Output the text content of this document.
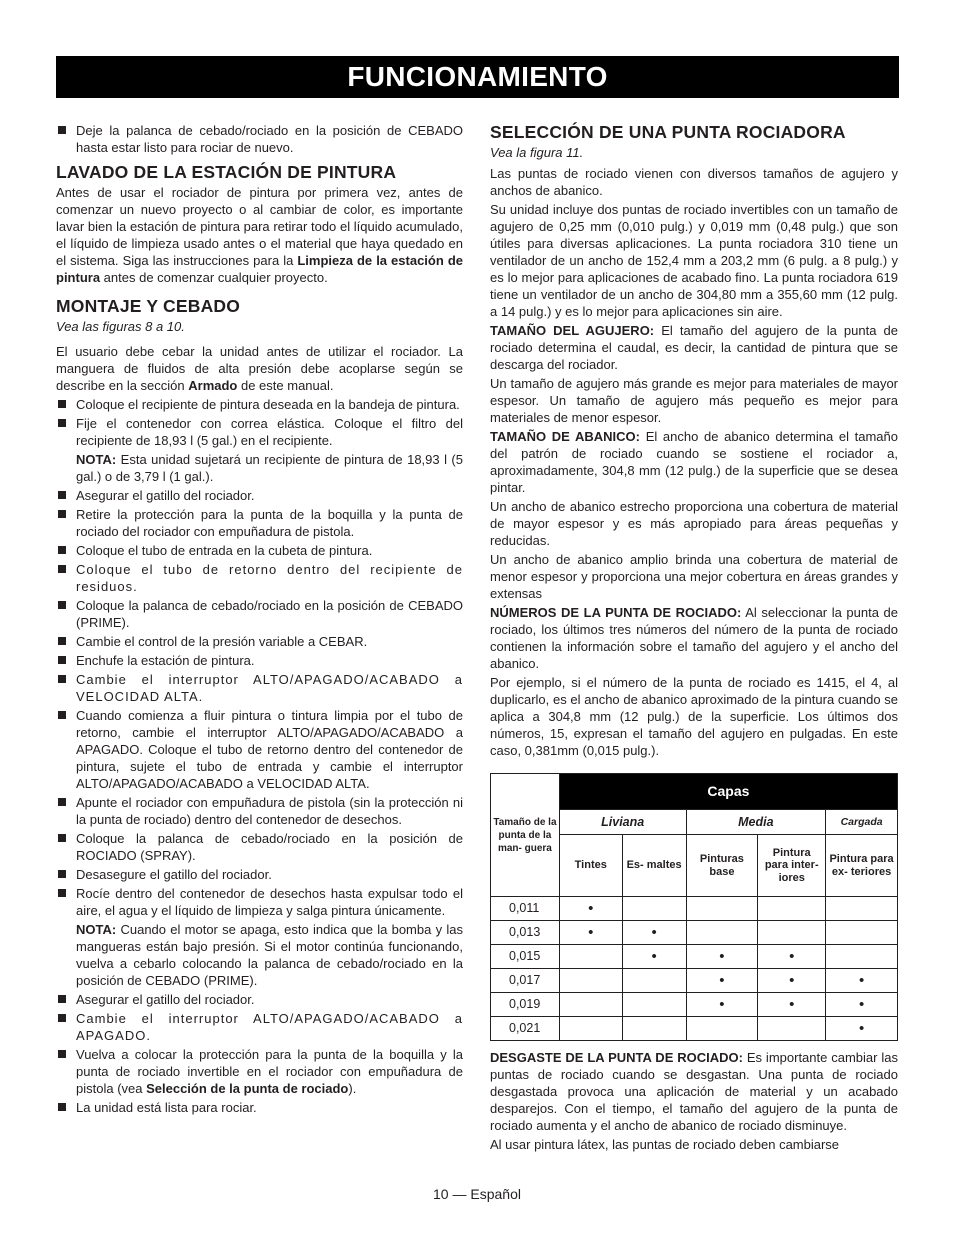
FUNCIONAMIENTO
Deje la palanca de cebado/rociado en la posición de CEBADO hasta estar listo para rociar de nuevo.
LAVADO DE LA ESTACIÓN DE PINTURA

Antes de usar el rociador de pintura por primera vez, antes de comenzar un nuevo proyecto o al cambiar de color, es importante lavar bien la estación de pintura para retirar todo el líquido acumulado, el líquido de limpieza usado antes o el material que haya quedado en el sistema. Siga las instrucciones para la Limpieza de la estación de pintura antes de comenzar cualquier proyecto.

MONTAJE Y CEBADO
Vea las figuras 8 a 10.

El usuario debe cebar la unidad antes de utilizar el rociador. La manguera de fluidos de alta presión debe acoplarse según se describe en la sección Armado de este manual.

Coloque el recipiente de pintura deseada en la bandeja de pintura.
Fije el contenedor con correa elástica. Coloque el filtro del recipiente de 18,93 l (5 gal.) en el recipiente.
NOTA: Esta unidad sujetará un recipiente de pintura de 18,93 l (5 gal.) o de 3,79 l (1 gal.).
Asegurar el gatillo del rociador.
Retire la protección para la punta de la boquilla y la punta de rociado del rociador con empuñadura de pistola.
Coloque el tubo de entrada en la cubeta de pintura.
Coloque el tubo de retorno dentro del recipiente de residuos.
Coloque la palanca de cebado/rociado en la posición de CEBADO (PRIME).
Cambie el control de la presión variable a CEBAR.
Enchufe la estación de pintura.
Cambie el interruptor ALTO/APAGADO/ACABADO a VELOCIDAD ALTA.
Cuando comienza a fluir pintura o tintura limpia por el tubo de retorno, cambie el interruptor ALTO/APAGADO/ACABADO a APAGADO. Coloque el tubo de retorno dentro del contenedor de pintura, sujete el tubo de entrada y cambie el interruptor ALTO/APAGADO/ACABADO a VELOCIDAD ALTA.
Apunte el rociador con empuñadura de pistola (sin la protección ni la punta de rociado) dentro del contenedor de desechos.
Coloque la palanca de cebado/rociado en la posición de ROCIADO (SPRAY).
Desasegure el gatillo del rociador.
Rocíe dentro del contenedor de desechos hasta expulsar todo el aire, el agua y el líquido de limpieza y salga pintura únicamente.
NOTA: Cuando el motor se apaga, esto indica que la bomba y las mangueras están bajo presión. Si el motor continúa funcionando, vuelva a cebarlo colocando la palanca de cebado/rociado en la posición de CEBADO (PRIME).
Asegurar el gatillo del rociador.
Cambie el interruptor ALTO/APAGADO/ACABADO a APAGADO.
Vuelva a colocar la protección para la punta de la boquilla y la punta de rociado invertible en el rociador con empuñadura de pistola (vea Selección de la punta de rociado).
La unidad está lista para rociar.
SELECCIÓN DE UNA PUNTA ROCIADORA
Vea la figura 11.

Las puntas de rociado vienen con diversos tamaños de agujero y anchos de abanico.

Su unidad incluye dos puntas de rociado invertibles con un tamaño de agujero de 0,25 mm (0,010 pulg.) y 0,019 mm (0,48 pulg.) que son útiles para diversas aplicaciones. La punta rociadora 310 tiene un ventilador de un ancho de 152,4 mm a 203,2 mm (6 pulg. a 8 pulg.) y es lo mejor para aplicaciones de acabado fino. La punta rociadora 619 tiene un ventilador de un ancho de 304,80 mm a 355,60 mm (12 pulg. a 14 pulg.) y es lo mejor para aplicaciones sin aire.

TAMAÑO DEL AGUJERO: El tamaño del agujero de la punta de rociado determina el caudal, es decir, la cantidad de pintura que se descarga del rociador.

Un tamaño de agujero más grande es mejor para materiales de mayor espesor. Un tamaño de agujero más pequeño es mejor para materiales de menor espesor.

TAMAÑO DE ABANICO: El ancho de abanico determina el tamaño del patrón de rociado cuando se sostiene el rociador a, aproximadamente, 304,8 mm (12 pulg.) de la superficie que se desea pintar.

Un ancho de abanico estrecho proporciona una cobertura de material de mayor espesor y es más apropiado para áreas pequeñas y reducidas.

Un ancho de abanico amplio brinda una cobertura de material de menor espesor y proporciona una mejor cobertura en áreas grandes y extensas

NÚMEROS DE LA PUNTA DE ROCIADO: Al seleccionar la punta de rociado, los últimos tres números del número de la punta de rociado contienen la información sobre el tamaño del agujero y el ancho del abanico.

Por ejemplo, si el número de la punta de rociado es 1415, el 4, al duplicarlo, es el ancho de abanico aproximado de la pintura cuando se aplica a 304,8 mm (12 pulg.) de la superficie. Los últimos dos números, 15, expresan el tamaño del agujero en pulgadas. En este caso, 0,381mm (0,015 pulg.).

Tamaño de la punta de la man- guera	Capas				
	Liviana		Media		Cargada
	Tintes	Es- maltes	Pinturas base	Pintura para inter- iores	Pintura para ex- teriores
0,011	•				
0,013	•	•			
0,015		•	•	•	
0,017			•	•	•
0,019			•	•	•
0,021					•

DESGASTE DE LA PUNTA DE ROCIADO: Es importante cambiar las puntas de rociado cuando se desgastan. Una punta de rociado desgastada provoca una aplicación de material y un acabado desparejos. Con el tiempo, el tamaño del agujero de la punta de rociado aumenta y el ancho de abanico de rociado disminuye.

Al usar pintura látex, las puntas de rociado deben cambiarse

10 — Español
